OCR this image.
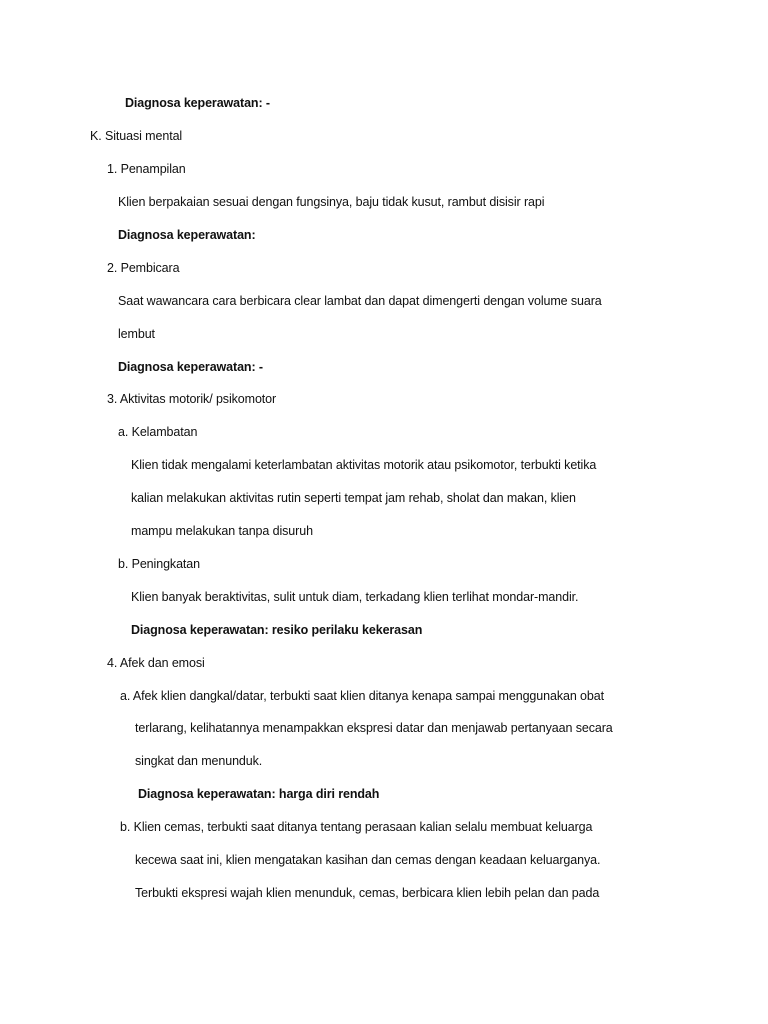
Diagnosa keperawatan: -
K. Situasi mental
1. Penampilan
Klien berpakaian sesuai dengan fungsinya, baju tidak kusut, rambut disisir rapi
Diagnosa keperawatan:
2. Pembicara
Saat wawancara cara berbicara clear lambat dan dapat dimengerti dengan volume suara
lembut
Diagnosa keperawatan: -
3. Aktivitas motorik/ psikomotor
a. Kelambatan
Klien tidak mengalami keterlambatan aktivitas motorik atau psikomotor, terbukti ketika
kalian melakukan aktivitas rutin seperti tempat jam rehab, sholat dan makan, klien
mampu melakukan tanpa disuruh
b. Peningkatan
Klien banyak beraktivitas, sulit untuk diam, terkadang klien terlihat mondar-mandir.
Diagnosa keperawatan: resiko perilaku kekerasan
4. Afek dan emosi
a. Afek klien dangkal/datar, terbukti saat klien ditanya kenapa sampai menggunakan obat
terlarang, kelihatannya menampakkan ekspresi datar dan menjawab pertanyaan secara
singkat dan menunduk.
Diagnosa keperawatan: harga diri rendah
b. Klien cemas, terbukti saat ditanya tentang perasaan kalian selalu membuat keluarga
kecewa saat ini, klien mengatakan kasihan dan cemas dengan keadaan keluarganya.
Terbukti ekspresi wajah klien menunduk, cemas, berbicara klien lebih pelan dan pada
